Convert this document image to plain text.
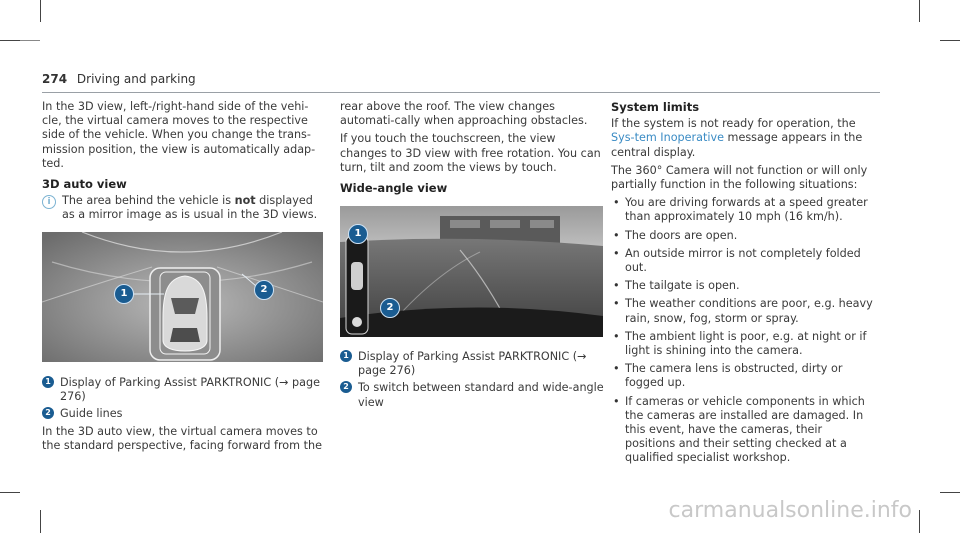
274 Driving and parking

In the 3D view, left-/right-hand side of the vehi-cle, the virtual camera moves to the respective side of the vehicle. When you change the trans-mission position, the view is automatically adap-ted.

3D auto view
i	The area behind the vehicle is not displayed as a mirror image as is usual in the 3D views.
1	2
1 Display of Parking Assist PARKTRONIC (→ page 276)
2 Guide lines

In the 3D auto view, the virtual camera moves to the standard perspective, facing forward from the

rear above the roof. The view changes automati-cally when approaching obstacles.

If you touch the touchscreen, the view changes to 3D view with free rotation. You can turn, tilt and zoom the views by touch.

Wide-angle view
1
2
1 Display of Parking Assist PARKTRONIC (→ page 276)
2 To switch between standard and wide-angle view
System limits

If the system is not ready for operation, the Sys-tem Inoperative message appears in the central display.

The 360° Camera will not function or will only partially function in the following situations:

• You are driving forwards at a speed greater than approximately 10 mph (16 km/h).
• The doors are open.
• An outside mirror is not completely folded out.
• The tailgate is open.
• The weather conditions are poor, e.g. heavy rain, snow, fog, storm or spray.
• The ambient light is poor, e.g. at night or if light is shining into the camera.
• The camera lens is obstructed, dirty or fogged up.
• If cameras or vehicle components in which the cameras are installed are damaged. In this event, have the cameras, their positions and their setting checked at a qualified specialist workshop.
carmanualsonline.info
